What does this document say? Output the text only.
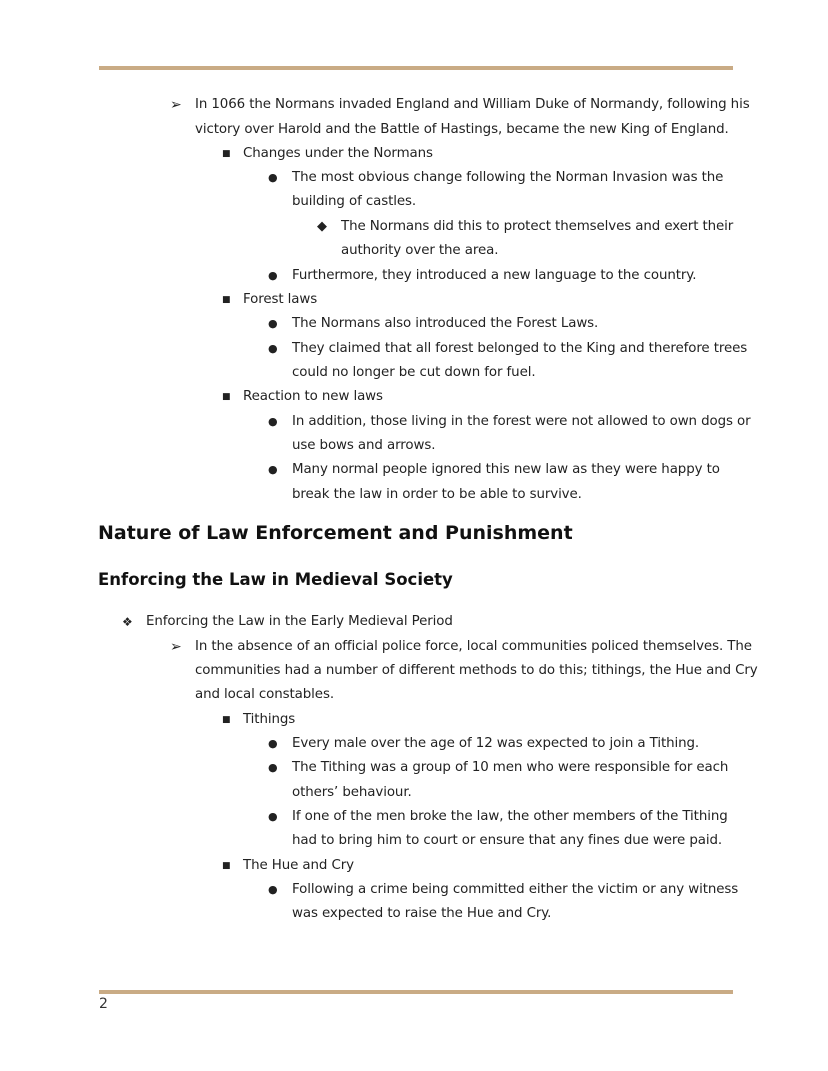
➢ In 1066 the Normans invaded England and William Duke of Normandy, following his
victory over Harold and the Battle of Hastings, became the new King of England.
■ Changes under the Normans
● The most obvious change following the Norman Invasion was the
building of castles.
◆ The Normans did this to protect themselves and exert their
authority over the area.
● Furthermore, they introduced a new language to the country.
■ Forest laws
● The Normans also introduced the Forest Laws.
● They claimed that all forest belonged to the King and therefore trees
could no longer be cut down for fuel.
■ Reaction to new laws
● In addition, those living in the forest were not allowed to own dogs or
use bows and arrows.
● Many normal people ignored this new law as they were happy to
break the law in order to be able to survive.
Nature of Law Enforcement and Punishment
Enforcing the Law in Medieval Society
❖ Enforcing the Law in the Early Medieval Period
➢ In the absence of an official police force, local communities policed themselves. The
communities had a number of different methods to do this; tithings, the Hue and Cry
and local constables.
■ Tithings
● Every male over the age of 12 was expected to join a Tithing.
● The Tithing was a group of 10 men who were responsible for each
others’ behaviour.
● If one of the men broke the law, the other members of the Tithing
had to bring him to court or ensure that any fines due were paid.
■ The Hue and Cry
● Following a crime being committed either the victim or any witness
was expected to raise the Hue and Cry.
2
